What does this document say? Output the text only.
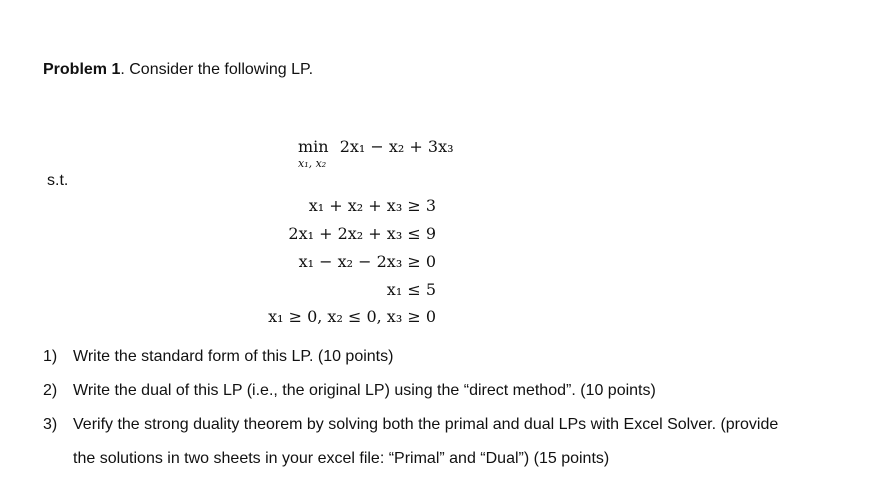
Problem 1. Consider the following LP.
min
x₁, x₂
2x₁ − x₂ + 3x₃
s.t.
x₁ + x₂ + x₃ ≥ 3
2x₁ + 2x₂ + x₃ ≤ 9
x₁ − x₂ − 2x₃ ≥ 0
x₁ ≤ 5
x₁ ≥ 0, x₂ ≤ 0, x₃ ≥ 0
1) Write the standard form of this LP. (10 points)
2) Write the dual of this LP (i.e., the original LP) using the “direct method”. (10 points)
3) Verify the strong duality theorem by solving both the primal and dual LPs with Excel Solver. (provide
the solutions in two sheets in your excel file: “Primal” and “Dual”) (15 points)
